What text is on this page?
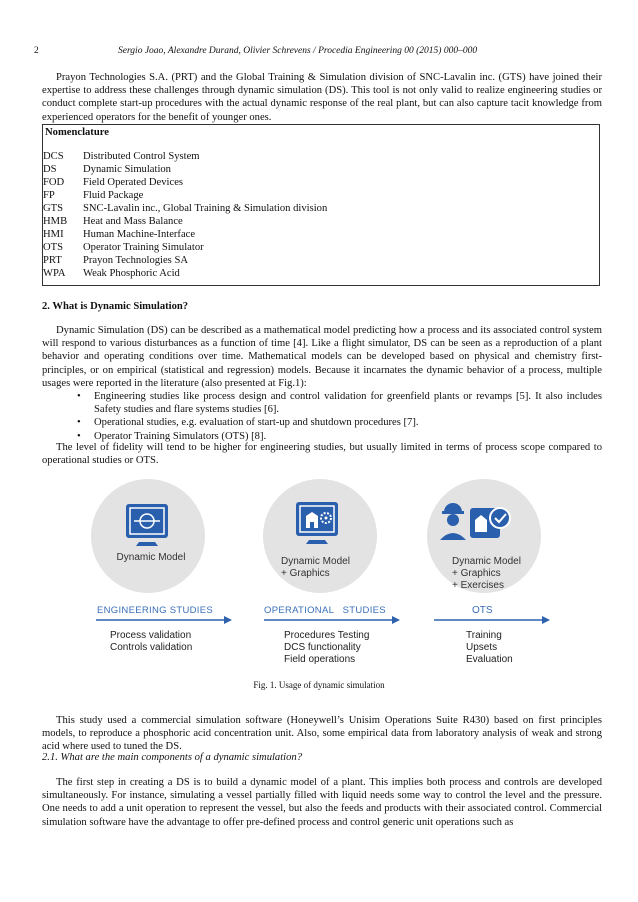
2	Sergio Joao, Alexandre Durand, Olivier Schrevens / Procedia Engineering 00 (2015) 000–000
Prayon Technologies S.A. (PRT) and the Global Training & Simulation division of SNC-Lavalin inc. (GTS) have joined their expertise to address these challenges through dynamic simulation (DS). This tool is not only valid to realize engineering studies or conduct complete start-up procedures with the actual dynamic response of the real plant, but can also capture tacit knowledge from experienced operators for the benefit of younger ones.
Nomenclature
DCS	Distributed Control System
DS	Dynamic Simulation
FOD	Field Operated Devices
FP	Fluid Package
GTS	SNC-Lavalin inc., Global Training & Simulation division
HMB	Heat and Mass Balance
HMI	Human Machine-Interface
OTS	Operator Training Simulator
PRT	Prayon Technologies SA
WPA	Weak Phosphoric Acid
2. What is Dynamic Simulation?
Dynamic Simulation (DS) can be described as a mathematical model predicting how a process and its associated control system will respond to various disturbances as a function of time [4]. Like a flight simulator, DS can be seen as a reproduction of a plant behavior and operating conditions over time. Mathematical models can be developed based on physical and chemistry first-principles, or on empirical (statistical and regression) models. Because it incarnates the dynamic behavior of a process, multiple usages were reported in the literature (also presented at Fig.1):
• Engineering studies like process design and control validation for greenfield plants or revamps [5]. It also includes Safety studies and flare systems studies [6].
• Operational studies, e.g. evaluation of start-up and shutdown procedures [7].
• Operator Training Simulators (OTS) [8].
The level of fidelity will tend to be higher for engineering studies, but usually limited in terms of process scope compared to operational studies or OTS.
Dynamic Model	Dynamic Model
+ Graphics
Dynamic Model
+ Graphics
+ Exercises
ENGINEERING STUDIES	OPERATIONAL   STUDIES	OTS
Process validation
Controls validation
Procedures Testing
DCS functionality
Field operations
Training
Upsets
Evaluation
Fig. 1. Usage of dynamic simulation
This study used a commercial simulation software (Honeywell’s Unisim Operations Suite R430) based on first principles models, to reproduce a phosphoric acid concentration unit. Also, some empirical data from laboratory analysis of weak and strong acid where used to tuned the DS.
2.1. What are the main components of a dynamic simulation?
The first step in creating a DS is to build a dynamic model of a plant. This implies both process and controls are developed simultaneously. For instance, simulating a vessel partially filled with liquid needs some way to control the level and the pressure. One needs to add a unit operation to represent the vessel, but also the feeds and products with their associated control. Commercial simulation software have the advantage to offer pre-defined process and control generic unit operations such as
